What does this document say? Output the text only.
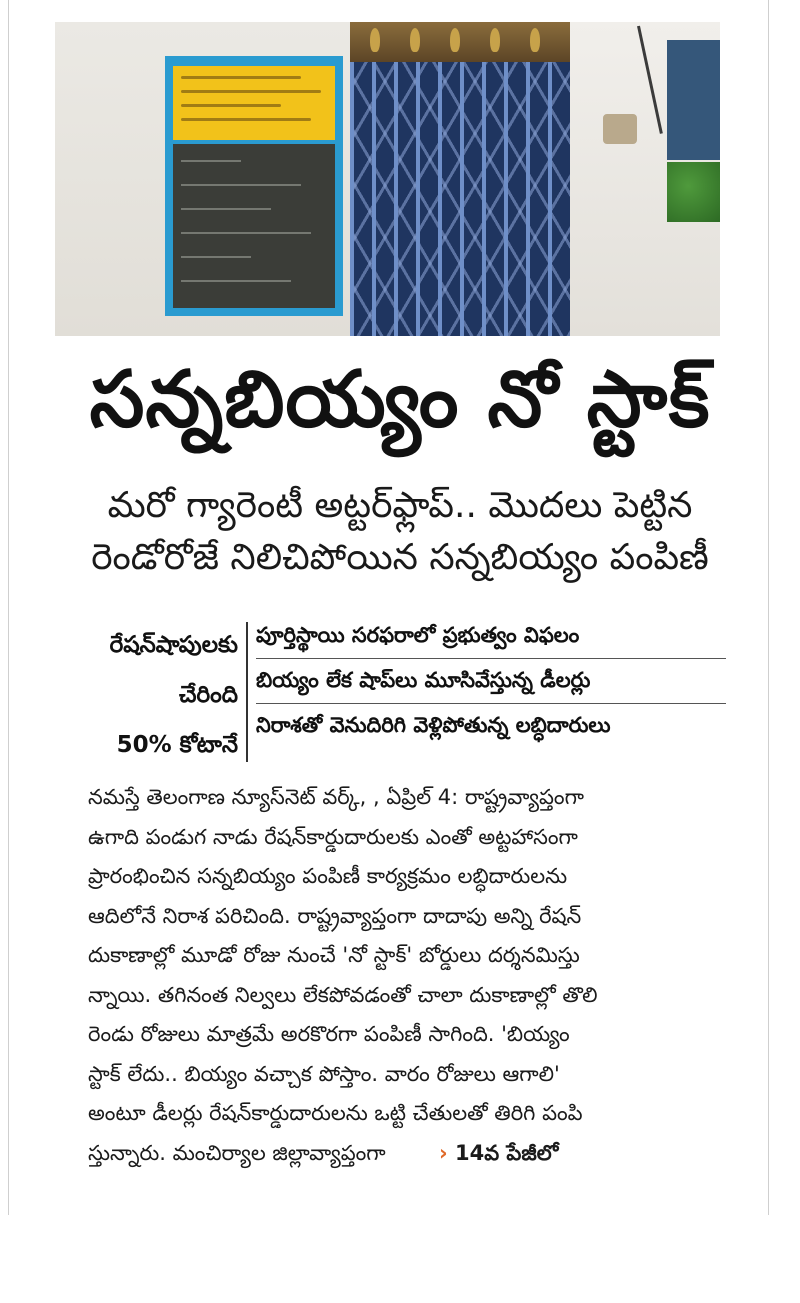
సన్నబియ్యం నో స్టాక్
మరో గ్యారెంటీ అట్టర్‌ఫ్లాప్.. మొదలు పెట్టిన
రెండోరోజే నిలిచిపోయిన సన్నబియ్యం పంపిణీ
రేషన్‌షాపులకు
చేరింది
50% కోటానే
పూర్తిస్థాయి సరఫరాలో ప్రభుత్వం విఫలం
బియ్యం లేక షాప్‌లు మూసివేస్తున్న డీలర్లు
నిరాశతో వెనుదిరిగి వెళ్లిపోతున్న లబ్ధిదారులు
నమస్తే తెలంగాణ న్యూస్‌నెట్ వర్క్, , ఏప్రిల్ 4: రాష్ట్రవ్యాప్తంగా
ఉగాది పండుగ నాడు రేషన్‌కార్డుదారులకు ఎంతో అట్టహాసంగా
ప్రారంభించిన సన్నబియ్యం పంపిణీ కార్యక్రమం లబ్ధిదారులను
ఆదిలోనే నిరాశ పరిచింది. రాష్ట్రవ్యాప్తంగా దాదాపు అన్ని రేషన్
దుకాణాల్లో మూడో రోజు నుంచే 'నో స్టాక్' బోర్డులు దర్శనమిస్తు
న్నాయి. తగినంత నిల్వలు లేకపోవడంతో చాలా దుకాణాల్లో తొలి
రెండు రోజులు మాత్రమే అరకొరగా పంపిణీ సాగింది. 'బియ్యం
స్టాక్ లేదు.. బియ్యం వచ్చాక పోస్తాం. వారం రోజులు ఆగాలి'
అంటూ డీలర్లు రేషన్‌కార్డుదారులను ఒట్టి చేతులతో తిరిగి పంపి
స్తున్నారు. మంచిర్యాల జిల్లావ్యాప్తంగా	› 14వ పేజీలో
